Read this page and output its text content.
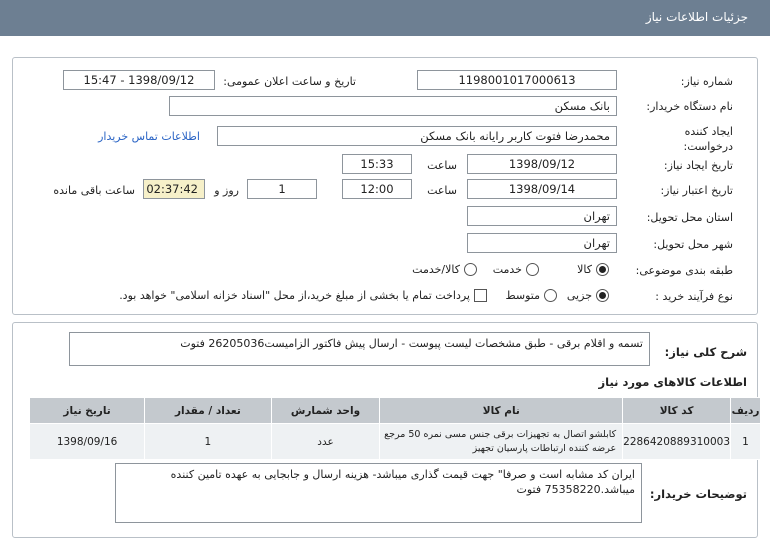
جزئیات اطلاعات نیاز
شماره نیاز:
1198001017000613
تاریخ و ساعت اعلان عمومی:
1398/09/12 - 15:47
نام دستگاه خریدار:
بانک مسکن
ایجاد کننده درخواست:
محمدرضا فتوت کاربر رایانه بانک مسکن
اطلاعات تماس خریدار
تاریخ ایجاد نیاز:
1398/09/12
ساعت
15:33
تاریخ اعتبار نیاز:
1398/09/14
ساعت
12:00
1
روز و
02:37:42
ساعت باقی مانده
استان محل تحویل:
تهران
شهر محل تحویل:
تهران
طبقه بندی موضوعی:
کالا
خدمت
کالا/خدمت
نوع فرآیند خرید :
جزیی
متوسط
پرداخت تمام یا بخشی از مبلغ خرید،از محل "اسناد خزانه اسلامی" خواهد بود.
شرح کلی نیاز:
تسمه و اقلام برقی - طبق مشخصات لیست پیوست - ارسال پیش فاکتور الزامیست26205036 فتوت
اطلاعات کالاهای مورد نیاز
ردیف	کد کالا	نام کالا	واحد شمارش	تعداد / مقدار	تاریخ نیاز
1	2286420889310003	کابلشو اتصال به تجهیزات برقی جنس مسی نمره 50 مرجع عرضه کننده ارتباطات پارسیان تجهیز	عدد	1	1398/09/16
توضیحات خریدار:
ایران کد مشابه است و صرفا" جهت قیمت گذاری میباشد- هزینه ارسال و جابجایی به عهده تامین کننده میباشد.75358220 فتوت
